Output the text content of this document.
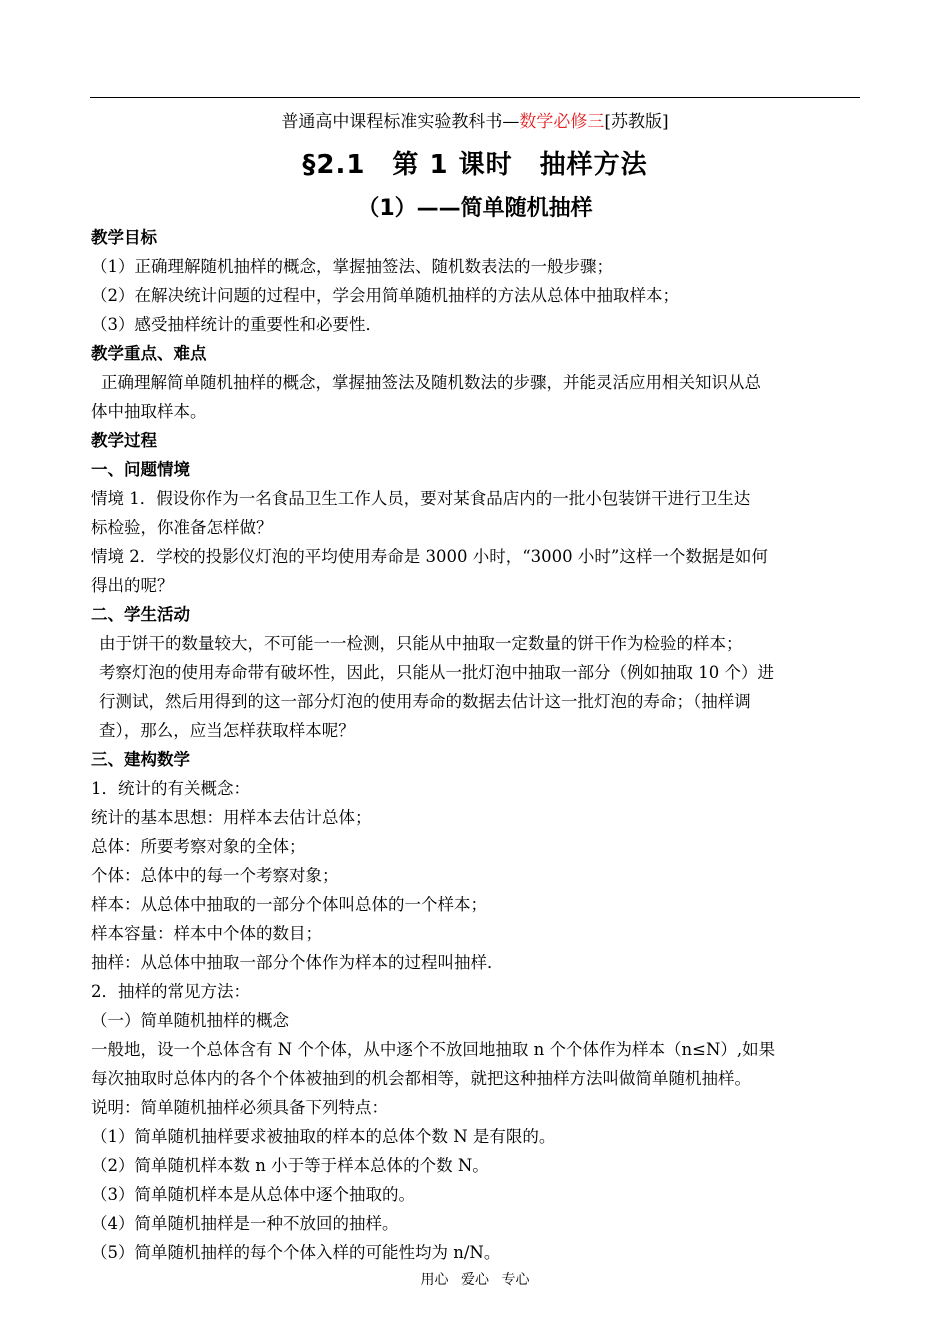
普通高中课程标准实验教科书—数学必修三[苏教版]
§2.1　第 1 课时　抽样方法
（1）——简单随机抽样
教学目标
（1）正确理解随机抽样的概念，掌握抽签法、随机数表法的一般步骤；
（2）在解决统计问题的过程中，学会用简单随机抽样的方法从总体中抽取样本；
（3）感受抽样统计的重要性和必要性．
教学重点、难点
正确理解简单随机抽样的概念，掌握抽签法及随机数法的步骤，并能灵活应用相关知识从总
体中抽取样本。
教学过程
一、问题情境
情境 1．假设你作为一名食品卫生工作人员，要对某食品店内的一批小包装饼干进行卫生达
标检验，你准备怎样做？
情境 2．学校的投影仪灯泡的平均使用寿命是 3000 小时，“3000 小时”这样一个数据是如何
得出的呢？
二、学生活动
由于饼干的数量较大，不可能一一检测，只能从中抽取一定数量的饼干作为检验的样本；
考察灯泡的使用寿命带有破坏性，因此，只能从一批灯泡中抽取一部分（例如抽取 10 个）进
行测试，然后用得到的这一部分灯泡的使用寿命的数据去估计这一批灯泡的寿命；（抽样调
查），那么，应当怎样获取样本呢？
三、建构数学
1．统计的有关概念：
统计的基本思想：用样本去估计总体；
总体：所要考察对象的全体；
个体：总体中的每一个考察对象；
样本：从总体中抽取的一部分个体叫总体的一个样本；
样本容量：样本中个体的数目；
抽样：从总体中抽取一部分个体作为样本的过程叫抽样．
2．抽样的常见方法：
（一）简单随机抽样的概念
一般地，设一个总体含有 N 个个体，从中逐个不放回地抽取 n 个个体作为样本（n≤N）,如果
每次抽取时总体内的各个个体被抽到的机会都相等，就把这种抽样方法叫做简单随机抽样。
说明：简单随机抽样必须具备下列特点：
（1）简单随机抽样要求被抽取的样本的总体个数 N 是有限的。
（2）简单随机样本数 n 小于等于样本总体的个数 N。
（3）简单随机样本是从总体中逐个抽取的。
（4）简单随机抽样是一种不放回的抽样。
（5）简单随机抽样的每个个体入样的可能性均为 n/N。
用心 爱心 专心
